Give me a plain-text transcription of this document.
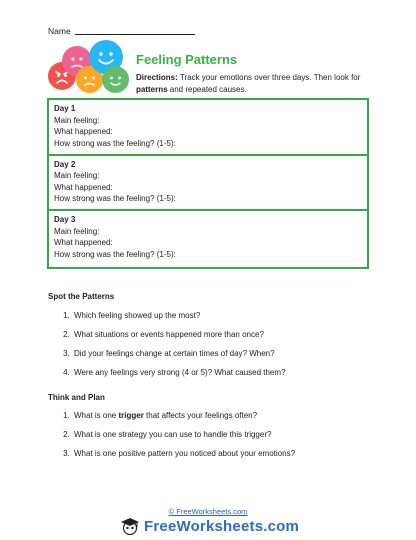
Name
Feeling Patterns
Directions: Track your emotions over three days. Then look for patterns and repeated causes.
Day 1
Main feeling:
What happened:
How strong was the feeling? (1-5):
Day 2
Main feeling:
What happened:
How strong was the feeling? (1-5):
Day 3
Main feeling:
What happened:
How strong was the feeling? (1-5):
Spot the Patterns
1. Which feeling showed up the most?
2. What situations or events happened more than once?
3. Did your feelings change at certain times of day? When?
4. Were any feelings very strong (4 or 5)? What caused them?
Think and Plan
1. What is one trigger that affects your feelings often?
2. What is one strategy you can use to handle this trigger?
3. What is one positive pattern you noticed about your emotions?
© FreeWorksheets.com
FreeWorksheets.com
